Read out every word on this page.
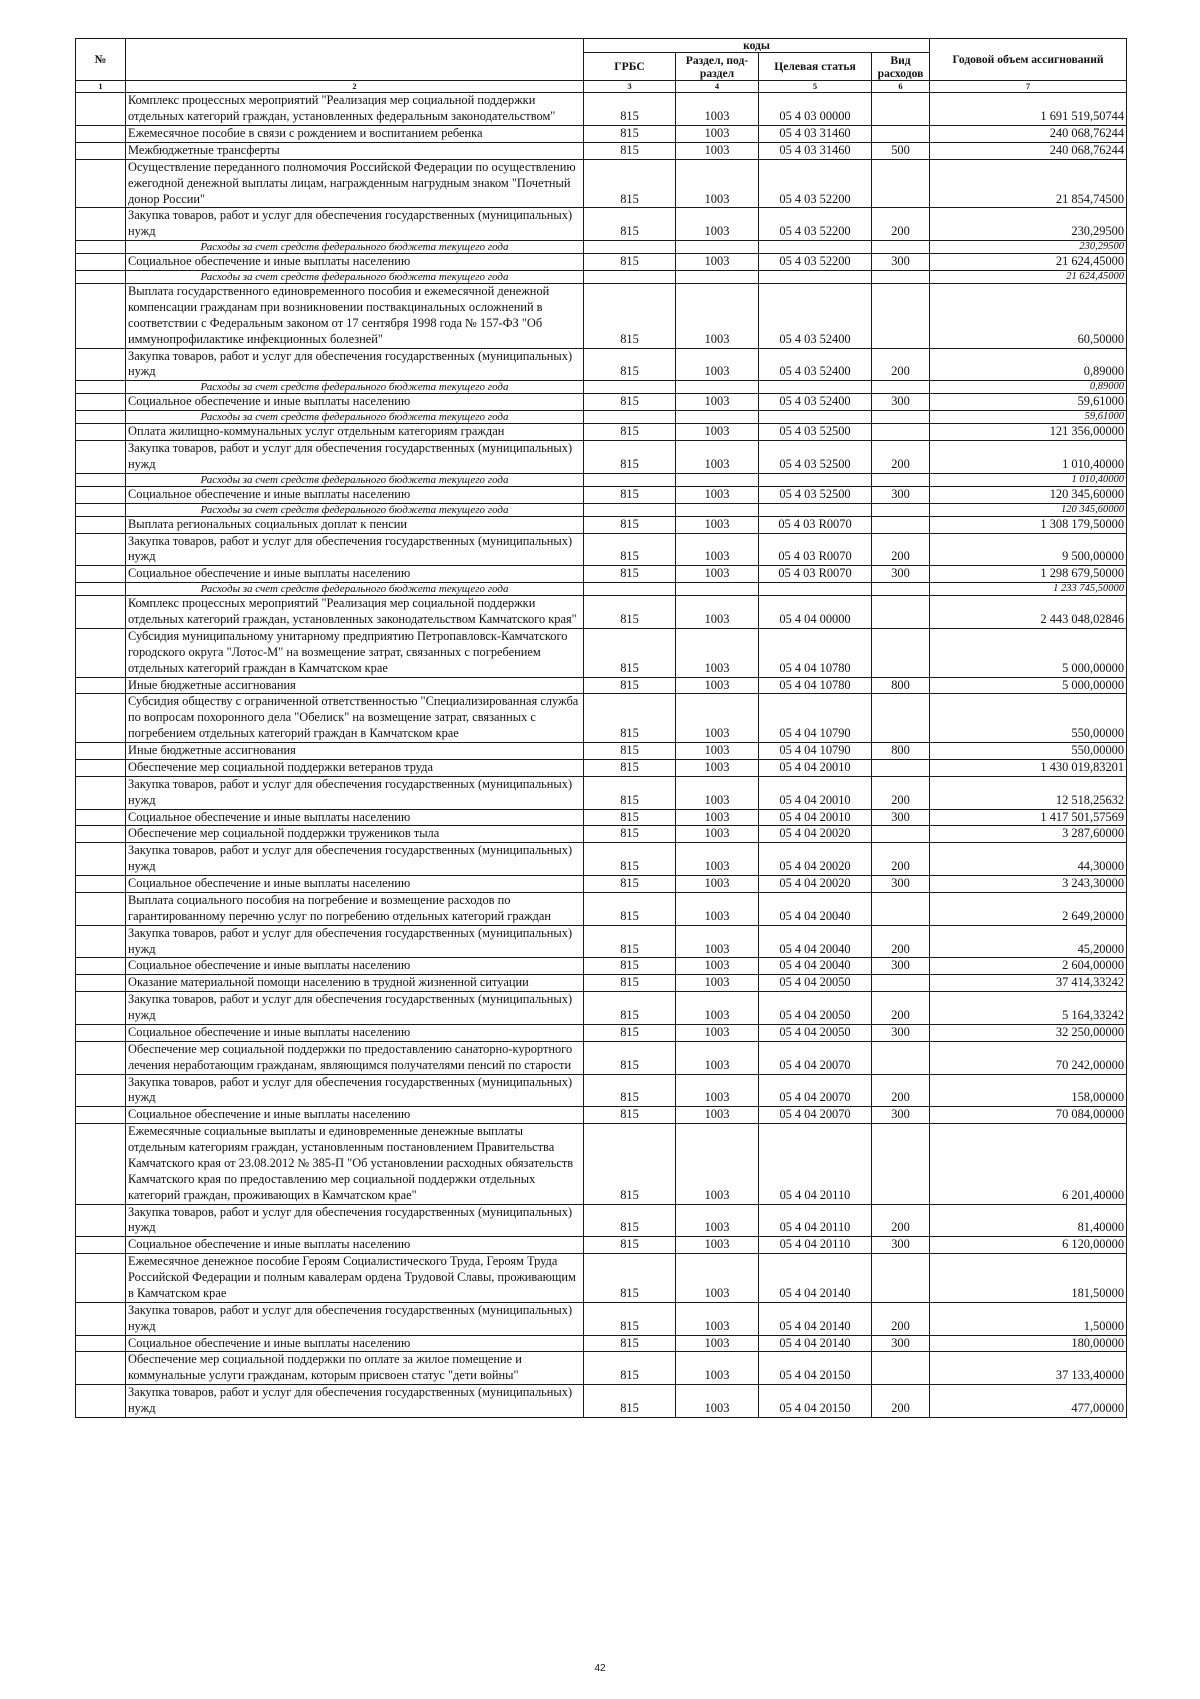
№		коды				Годовой объем ассигнований
		ГРБС	Раздел, под-раздел	Целевая статья	Вид расходов	
1	2	3	4	5	6	7
	Комплекс процессных мероприятий "Реализация мер социальной поддержки отдельных категорий граждан, установленных федеральным законодательством"	815	1003	05 4 03 00000		1 691 519,50744
	Ежемесячное пособие в связи с рождением и воспитанием ребенка	815	1003	05 4 03 31460		240 068,76244
	Межбюджетные трансферты	815	1003	05 4 03 31460	500	240 068,76244
	Осуществление переданного полномочия Российской Федерации по осуществлению ежегодной денежной выплаты лицам, награжденным нагрудным знаком "Почетный донор России"	815	1003	05 4 03 52200		21 854,74500
	Закупка товаров, работ и услуг для обеспечения государственных (муниципальных) нужд	815	1003	05 4 03 52200	200	230,29500
	Расходы за счет средств федерального бюджета текущего года					230,29500
	Социальное обеспечение и иные выплаты населению	815	1003	05 4 03 52200	300	21 624,45000
	Расходы за счет средств федерального бюджета текущего года					21 624,45000
	Выплата государственного единовременного пособия и ежемесячной денежной компенсации гражданам при возникновении поствакцинальных осложнений в соответствии с Федеральным законом от 17 сентября 1998 года № 157-ФЗ "Об иммунопрофилактике инфекционных болезней"	815	1003	05 4 03 52400		60,50000
	Закупка товаров, работ и услуг для обеспечения государственных (муниципальных) нужд	815	1003	05 4 03 52400	200	0,89000
	Расходы за счет средств федерального бюджета текущего года					0,89000
	Социальное обеспечение и иные выплаты населению	815	1003	05 4 03 52400	300	59,61000
	Расходы за счет средств федерального бюджета текущего года					59,61000
	Оплата жилищно-коммунальных услуг отдельным категориям граждан	815	1003	05 4 03 52500		121 356,00000
	Закупка товаров, работ и услуг для обеспечения государственных (муниципальных) нужд	815	1003	05 4 03 52500	200	1 010,40000
	Расходы за счет средств федерального бюджета текущего года					1 010,40000
	Социальное обеспечение и иные выплаты населению	815	1003	05 4 03 52500	300	120 345,60000
	Расходы за счет средств федерального бюджета текущего года					120 345,60000
	Выплата региональных социальных доплат к пенсии	815	1003	05 4 03 R0070		1 308 179,50000
	Закупка товаров, работ и услуг для обеспечения государственных (муниципальных) нужд	815	1003	05 4 03 R0070	200	9 500,00000
	Социальное обеспечение и иные выплаты населению	815	1003	05 4 03 R0070	300	1 298 679,50000
	Расходы за счет средств федерального бюджета текущего года					1 233 745,50000
	Комплекс процессных мероприятий "Реализация мер социальной поддержки отдельных категорий граждан, установленных законодательством Камчатского края"	815	1003	05 4 04 00000		2 443 048,02846
	Субсидия муниципальному унитарному предприятию Петропавловск-Камчатского городского округа "Лотос-М" на возмещение затрат, связанных с погребением отдельных категорий граждан в Камчатском крае	815	1003	05 4 04 10780		5 000,00000
	Иные бюджетные ассигнования	815	1003	05 4 04 10780	800	5 000,00000
	Субсидия обществу с ограниченной ответственностью "Специализированная служба по вопросам похоронного дела "Обелиск" на возмещение затрат, связанных с погребением отдельных категорий граждан в Камчатском крае	815	1003	05 4 04 10790		550,00000
	Иные бюджетные ассигнования	815	1003	05 4 04 10790	800	550,00000
	Обеспечение мер социальной поддержки ветеранов труда	815	1003	05 4 04 20010		1 430 019,83201
	Закупка товаров, работ и услуг для обеспечения государственных (муниципальных) нужд	815	1003	05 4 04 20010	200	12 518,25632
	Социальное обеспечение и иные выплаты населению	815	1003	05 4 04 20010	300	1 417 501,57569
	Обеспечение мер социальной поддержки тружеников тыла	815	1003	05 4 04 20020		3 287,60000
	Закупка товаров, работ и услуг для обеспечения государственных (муниципальных) нужд	815	1003	05 4 04 20020	200	44,30000
	Социальное обеспечение и иные выплаты населению	815	1003	05 4 04 20020	300	3 243,30000
	Выплата социального пособия на погребение и возмещение расходов по гарантированному перечню услуг по погребению отдельных категорий граждан	815	1003	05 4 04 20040		2 649,20000
	Закупка товаров, работ и услуг для обеспечения государственных (муниципальных) нужд	815	1003	05 4 04 20040	200	45,20000
	Социальное обеспечение и иные выплаты населению	815	1003	05 4 04 20040	300	2 604,00000
	Оказание материальной помощи населению в трудной жизненной ситуации	815	1003	05 4 04 20050		37 414,33242
	Закупка товаров, работ и услуг для обеспечения государственных (муниципальных) нужд	815	1003	05 4 04 20050	200	5 164,33242
	Социальное обеспечение и иные выплаты населению	815	1003	05 4 04 20050	300	32 250,00000
	Обеспечение мер социальной поддержки по предоставлению санаторно-курортного лечения неработающим гражданам, являющимся получателями пенсий по старости	815	1003	05 4 04 20070		70 242,00000
	Закупка товаров, работ и услуг для обеспечения государственных (муниципальных) нужд	815	1003	05 4 04 20070	200	158,00000
	Социальное обеспечение и иные выплаты населению	815	1003	05 4 04 20070	300	70 084,00000
	Ежемесячные социальные выплаты и единовременные денежные выплаты отдельным категориям граждан, установленным постановлением Правительства Камчатского края от 23.08.2012 № 385-П "Об установлении расходных обязательств Камчатского края по предоставлению мер социальной поддержки отдельных категорий граждан, проживающих в Камчатском крае"	815	1003	05 4 04 20110		6 201,40000
	Закупка товаров, работ и услуг для обеспечения государственных (муниципальных) нужд	815	1003	05 4 04 20110	200	81,40000
	Социальное обеспечение и иные выплаты населению	815	1003	05 4 04 20110	300	6 120,00000
	Ежемесячное денежное пособие Героям Социалистического Труда, Героям Труда Российской Федерации и полным кавалерам ордена Трудовой Славы, проживающим в Камчатском крае	815	1003	05 4 04 20140		181,50000
	Закупка товаров, работ и услуг для обеспечения государственных (муниципальных) нужд	815	1003	05 4 04 20140	200	1,50000
	Социальное обеспечение и иные выплаты населению	815	1003	05 4 04 20140	300	180,00000
	Обеспечение мер социальной поддержки по оплате за жилое помещение и коммунальные услуги гражданам, которым присвоен статус "дети войны"	815	1003	05 4 04 20150		37 133,40000
	Закупка товаров, работ и услуг для обеспечения государственных (муниципальных) нужд	815	1003	05 4 04 20150	200	477,00000
42
